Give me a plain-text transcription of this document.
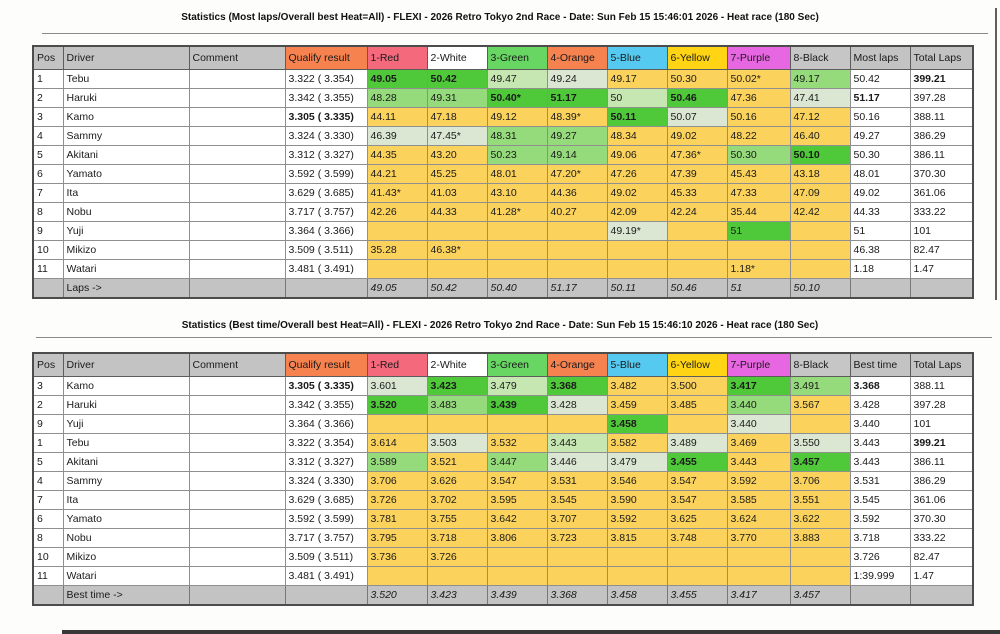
Statistics (Most laps/Overall best Heat=All) - FLEXI - 2026 Retro Tokyo 2nd Race - Date: Sun Feb 15 15:46:01 2026 - Heat race (180 Sec)
Pos	Driver	Comment	Qualify result	1-Red	2-White	3-Green	4-Orange	5-Blue	6-Yellow	7-Purple	8-Black	Most laps	Total Laps
1	Tebu		3.322 ( 3.354)	49.05	50.42	49.47	49.24	49.17	50.30	50.02*	49.17	50.42	399.21
2	Haruki		3.342 ( 3.355)	48.28	49.31	50.40*	51.17	50	50.46	47.36	47.41	51.17	397.28
3	Kamo		3.305 ( 3.335)	44.11	47.18	49.12	48.39*	50.11	50.07	50.16	47.12	50.16	388.11
4	Sammy		3.324 ( 3.330)	46.39	47.45*	48.31	49.27	48.34	49.02	48.22	46.40	49.27	386.29
5	Akitani		3.312 ( 3.327)	44.35	43.20	50.23	49.14	49.06	47.36*	50.30	50.10	50.30	386.11
6	Yamato		3.592 ( 3.599)	44.21	45.25	48.01	47.20*	47.26	47.39	45.43	43.18	48.01	370.30
7	Ita		3.629 ( 3.685)	41.43*	41.03	43.10	44.36	49.02	45.33	47.33	47.09	49.02	361.06
8	Nobu		3.717 ( 3.757)	42.26	44.33	41.28*	40.27	42.09	42.24	35.44	42.42	44.33	333.22
9	Yuji		3.364 ( 3.366)					49.19*		51		51	101
10	Mikizo		3.509 ( 3.511)	35.28	46.38*							46.38	82.47
11	Watari		3.481 ( 3.491)							1.18*		1.18	1.47
	Laps ->			49.05	50.42	50.40	51.17	50.11	50.46	51	50.10		
Statistics (Best time/Overall best Heat=All) - FLEXI - 2026 Retro Tokyo 2nd Race - Date: Sun Feb 15 15:46:10 2026 - Heat race (180 Sec)
Pos	Driver	Comment	Qualify result	1-Red	2-White	3-Green	4-Orange	5-Blue	6-Yellow	7-Purple	8-Black	Best time	Total Laps
3	Kamo		3.305 ( 3.335)	3.601	3.423	3.479	3.368	3.482	3.500	3.417	3.491	3.368	388.11
2	Haruki		3.342 ( 3.355)	3.520	3.483	3.439	3.428	3.459	3.485	3.440	3.567	3.428	397.28
9	Yuji		3.364 ( 3.366)					3.458		3.440		3.440	101
1	Tebu		3.322 ( 3.354)	3.614	3.503	3.532	3.443	3.582	3.489	3.469	3.550	3.443	399.21
5	Akitani		3.312 ( 3.327)	3.589	3.521	3.447	3.446	3.479	3.455	3.443	3.457	3.443	386.11
4	Sammy		3.324 ( 3.330)	3.706	3.626	3.547	3.531	3.546	3.547	3.592	3.706	3.531	386.29
7	Ita		3.629 ( 3.685)	3.726	3.702	3.595	3.545	3.590	3.547	3.585	3.551	3.545	361.06
6	Yamato		3.592 ( 3.599)	3.781	3.755	3.642	3.707	3.592	3.625	3.624	3.622	3.592	370.30
8	Nobu		3.717 ( 3.757)	3.795	3.718	3.806	3.723	3.815	3.748	3.770	3.883	3.718	333.22
10	Mikizo		3.509 ( 3.511)	3.736	3.726							3.726	82.47
11	Watari		3.481 ( 3.491)									1:39.999	1.47
	Best time ->			3.520	3.423	3.439	3.368	3.458	3.455	3.417	3.457		
